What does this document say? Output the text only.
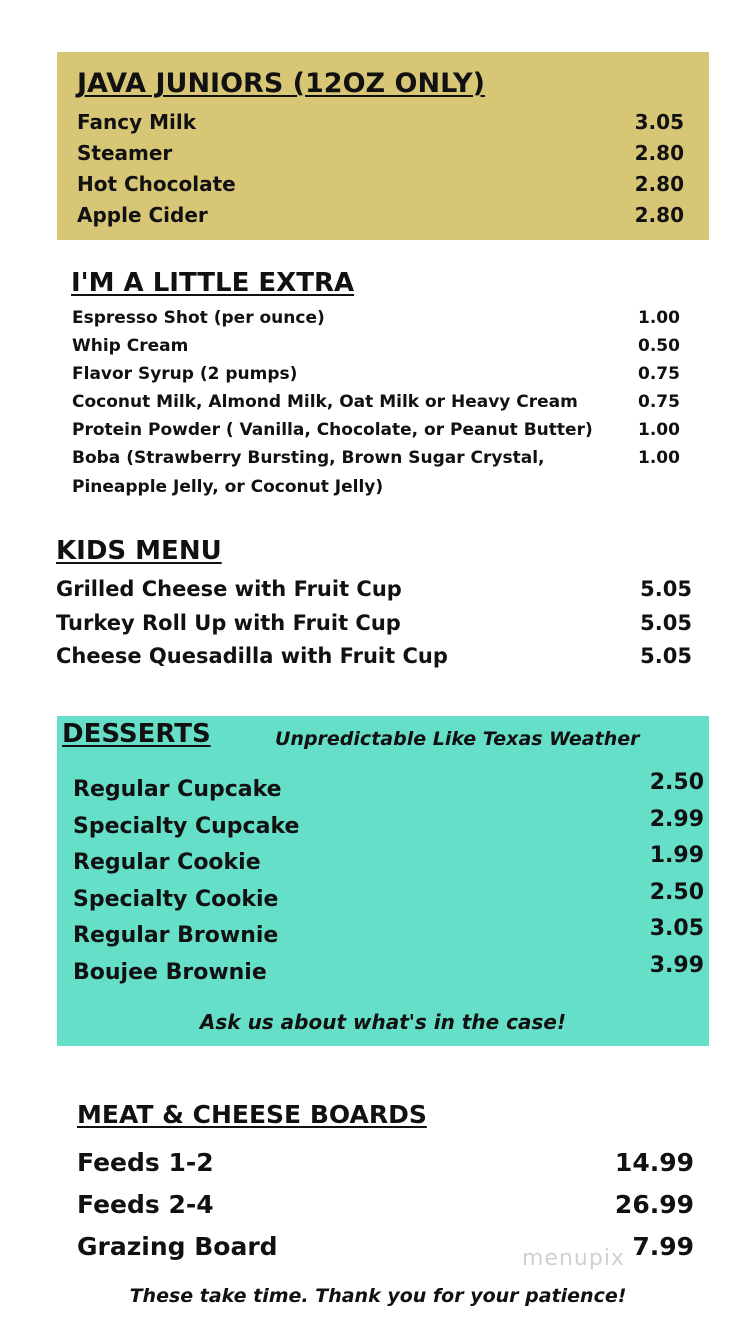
JAVA JUNIORS (12OZ ONLY)
Fancy Milk	3.05
Steamer	2.80
Hot Chocolate	2.80
Apple Cider	2.80
I'M A LITTLE EXTRA
Espresso Shot (per ounce)	1.00
Whip Cream	0.50
Flavor Syrup (2 pumps)	0.75
Coconut Milk, Almond Milk, Oat Milk or Heavy Cream	0.75
Protein Powder ( Vanilla, Chocolate, or Peanut Butter)	1.00
Boba (Strawberry Bursting, Brown Sugar Crystal,	1.00
Pineapple Jelly, or Coconut Jelly)
KIDS MENU
Grilled Cheese with Fruit Cup	5.05
Turkey Roll Up with Fruit Cup	5.05
Cheese Quesadilla with Fruit Cup	5.05
DESSERTS	Unpredictable Like Texas Weather
Regular Cupcake	2.50
Specialty Cupcake	2.99
Regular Cookie	1.99
Specialty Cookie	2.50
Regular Brownie	3.05
Boujee Brownie	3.99
Ask us about what's in the case!
MEAT & CHEESE BOARDS
Feeds 1-2	14.99
Feeds 2-4	26.99
menupix
Grazing Board	7.99
These take time. Thank you for your patience!
